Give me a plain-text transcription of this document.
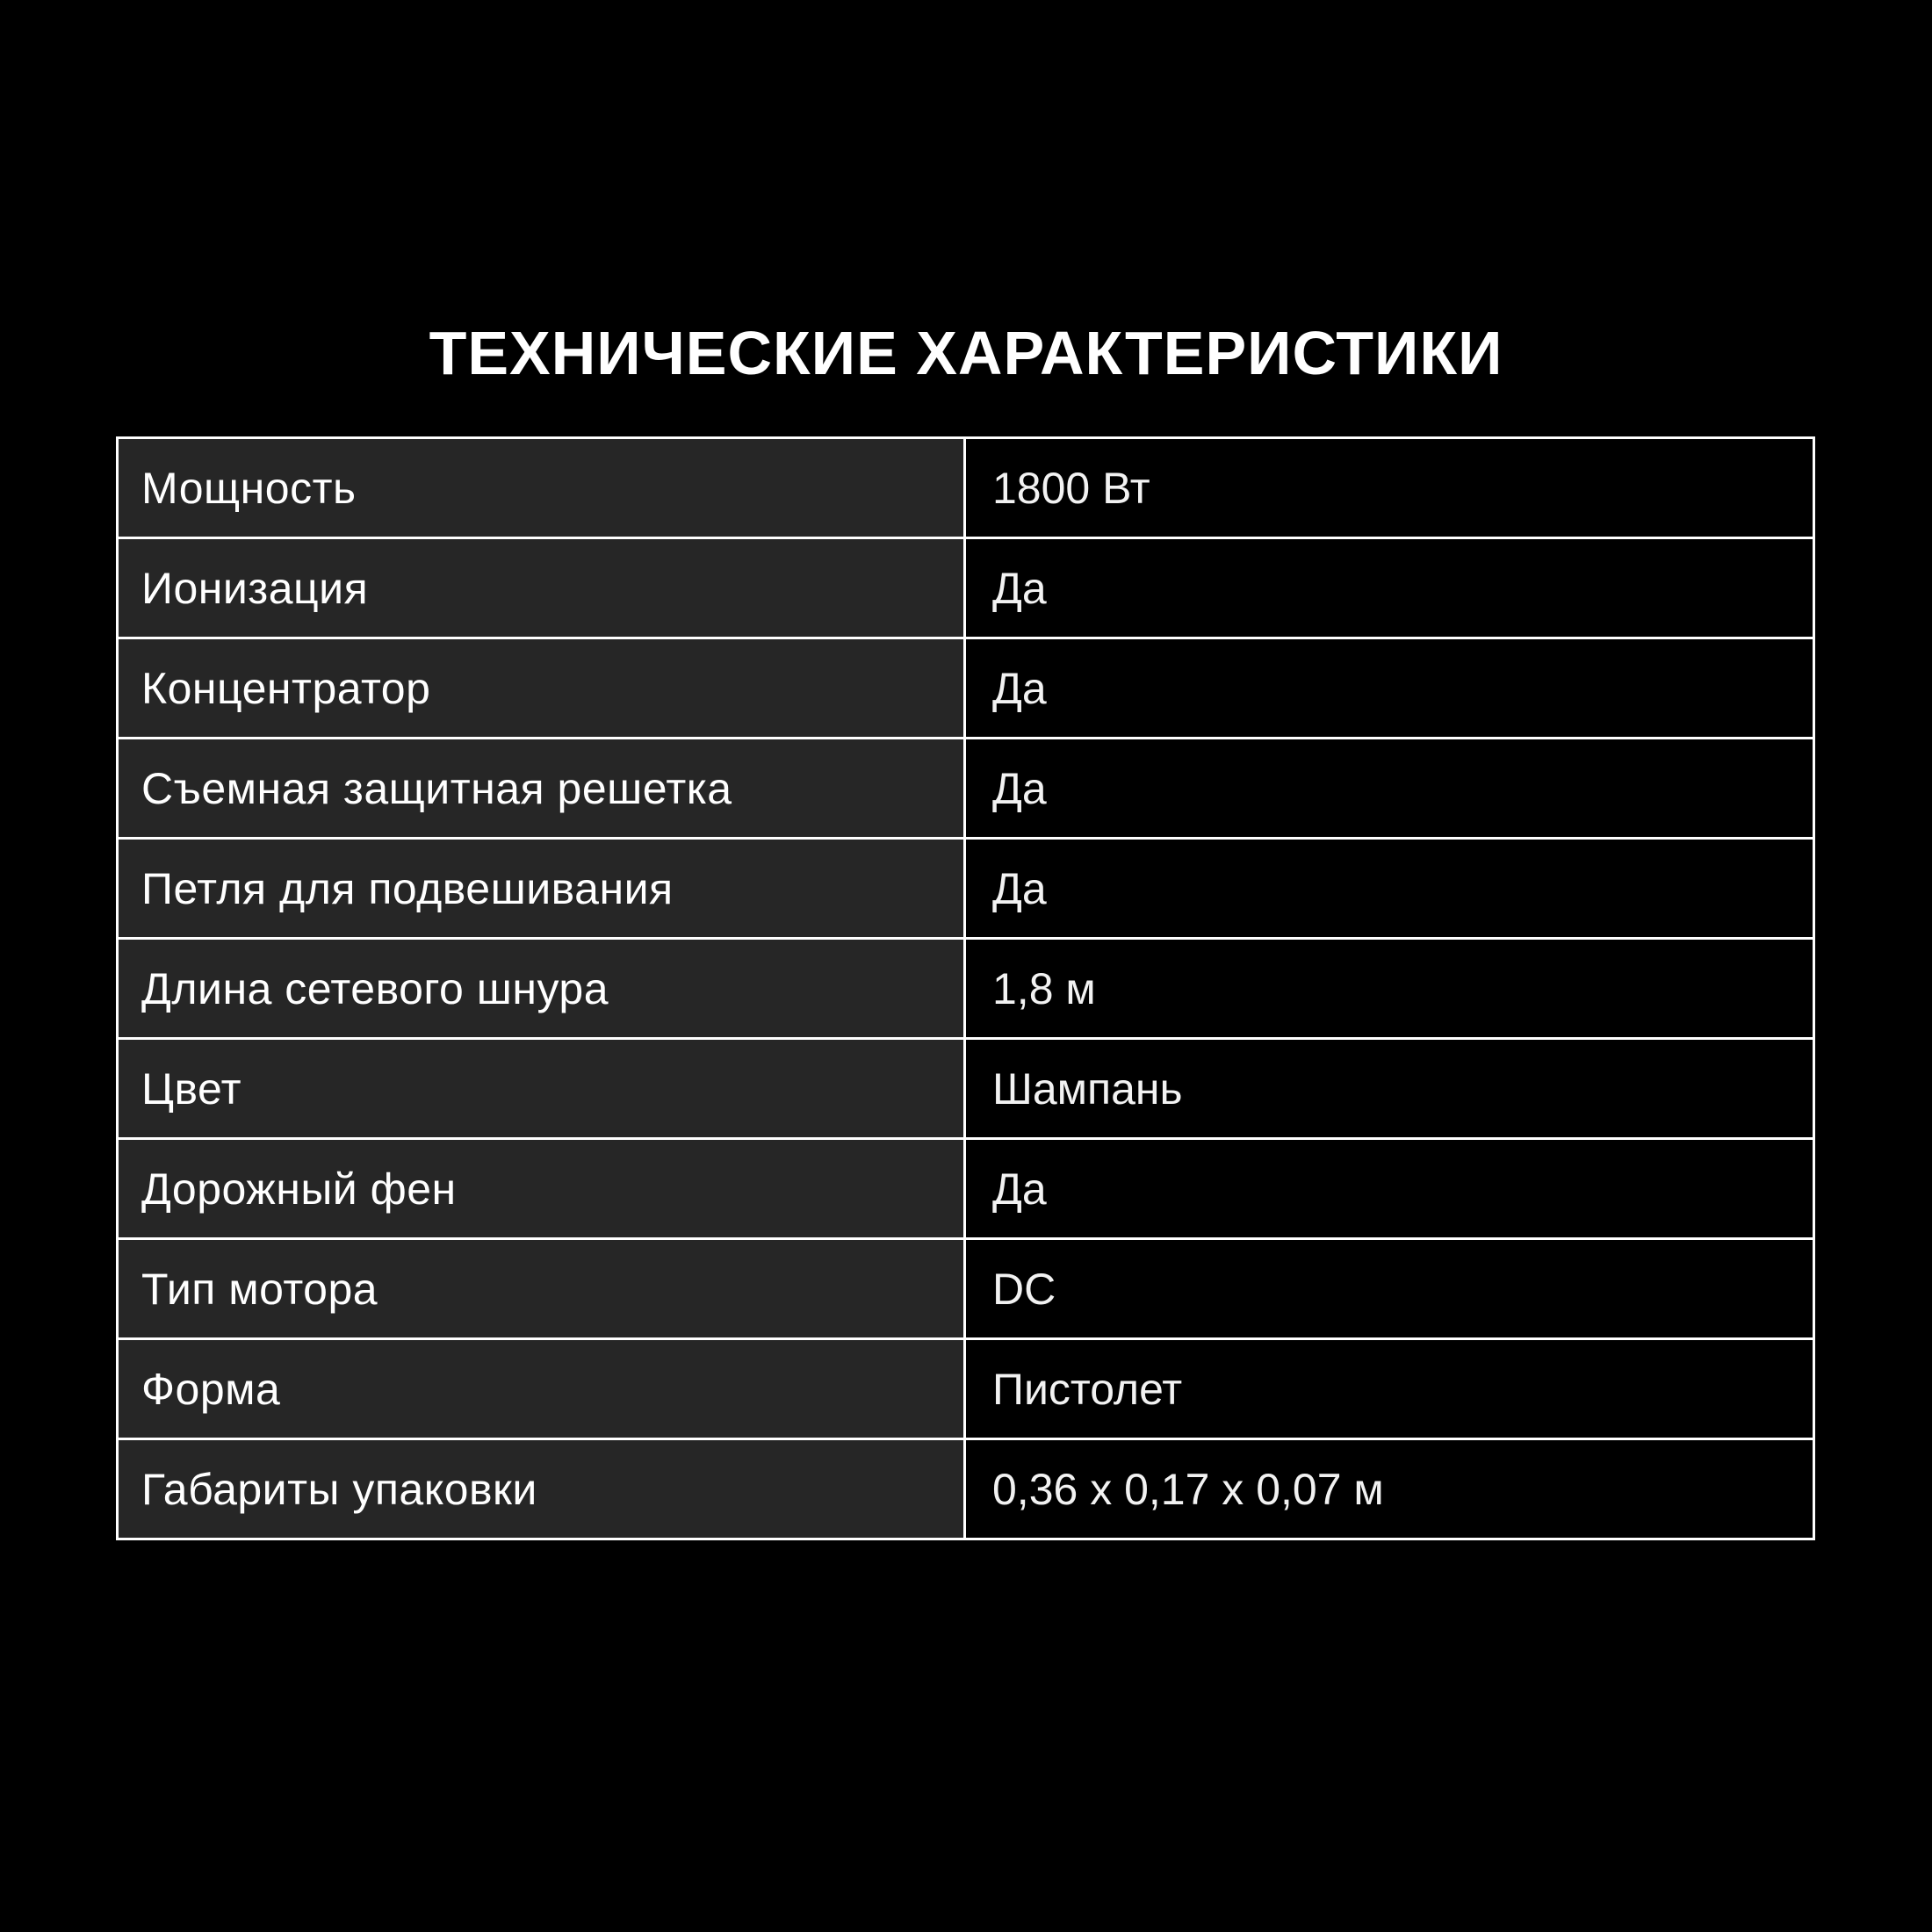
ТЕХНИЧЕСКИЕ ХАРАКТЕРИСТИКИ
Мощность	1800 Вт
Ионизация	Да
Концентратор	Да
Съемная защитная решетка	Да
Петля для подвешивания	Да
Длина сетевого шнура	1,8 м
Цвет	Шампань
Дорожный фен	Да
Тип мотора	DC
Форма	Пистолет
Габариты упаковки	0,36 x 0,17 x 0,07 м
